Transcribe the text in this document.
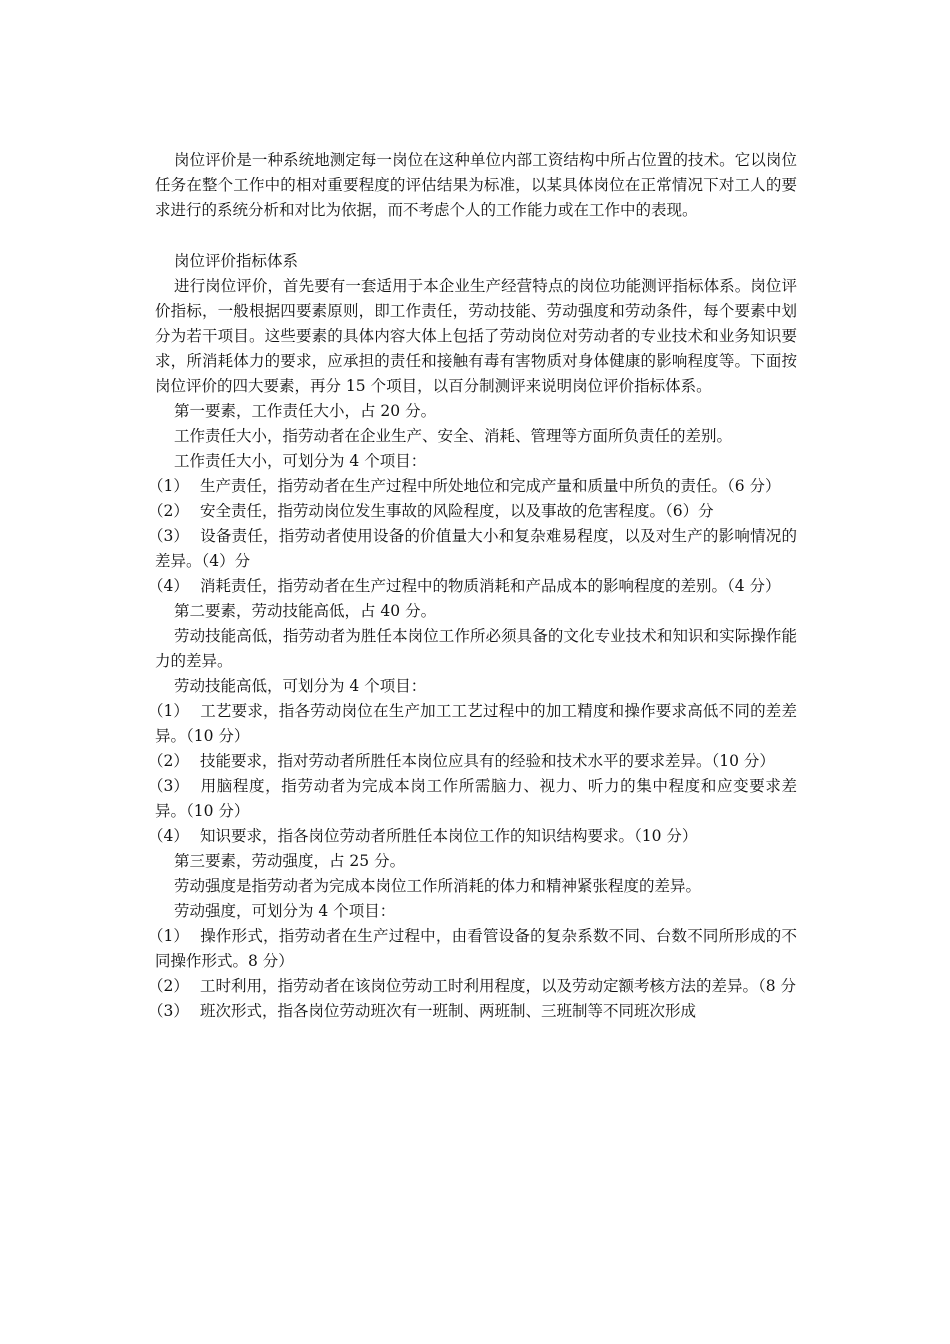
岗位评价是一种系统地测定每一岗位在这种单位内部工资结构中所占位置的技术。它以岗位任务在整个工作中的相对重要程度的评估结果为标准，以某具体岗位在正常情况下对工人的要求进行的系统分析和对比为依据，而不考虑个人的工作能力或在工作中的表现。

岗位评价指标体系

进行岗位评价，首先要有一套适用于本企业生产经营特点的岗位功能测评指标体系。岗位评价指标，一般根据四要素原则，即工作责任，劳动技能、劳动强度和劳动条件，每个要素中划分为若干项目。这些要素的具体内容大体上包括了劳动岗位对劳动者的专业技术和业务知识要求，所消耗体力的要求，应承担的责任和接触有毒有害物质对身体健康的影响程度等。下面按岗位评价的四大要素，再分 15 个项目，以百分制测评来说明岗位评价指标体系。

第一要素，工作责任大小，占 20 分。

工作责任大小，指劳动者在企业生产、安全、消耗、管理等方面所负责任的差别。

工作责任大小，可划分为 4 个项目：

（1） 生产责任，指劳动者在生产过程中所处地位和完成产量和质量中所负的责任。（6 分）

（2） 安全责任，指劳动岗位发生事故的风险程度，以及事故的危害程度。（6）分

（3） 设备责任，指劳动者使用设备的价值量大小和复杂难易程度，以及对生产的影响情况的差异。（4）分

（4） 消耗责任，指劳动者在生产过程中的物质消耗和产品成本的影响程度的差别。（4 分）

第二要素，劳动技能高低，占 40 分。

劳动技能高低，指劳动者为胜任本岗位工作所必须具备的文化专业技术和知识和实际操作能力的差异。

劳动技能高低，可划分为 4 个项目：

（1） 工艺要求，指各劳动岗位在生产加工工艺过程中的加工精度和操作要求高低不同的差差异。（10 分）

（2） 技能要求，指对劳动者所胜任本岗位应具有的经验和技术水平的要求差异。（10 分）

（3） 用脑程度，指劳动者为完成本岗工作所需脑力、视力、听力的集中程度和应变要求差异。（10 分）

（4） 知识要求，指各岗位劳动者所胜任本岗位工作的知识结构要求。（10 分）

第三要素，劳动强度，占 25 分。

劳动强度是指劳动者为完成本岗位工作所消耗的体力和精神紧张程度的差异。

劳动强度，可划分为 4 个项目：

（1） 操作形式，指劳动者在生产过程中，由看管设备的复杂系数不同、台数不同所形成的不同操作形式。8 分）

（2） 工时利用，指劳动者在该岗位劳动工时利用程度，以及劳动定额考核方法的差异。（8 分

（3） 班次形式，指各岗位劳动班次有一班制、两班制、三班制等不同班次形成
